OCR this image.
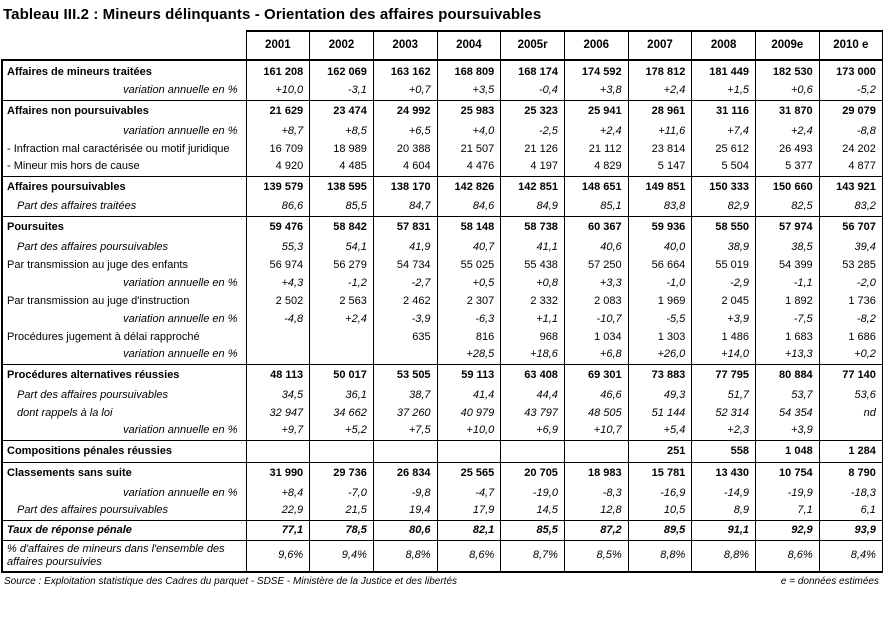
Tableau III.2 : Mineurs délinquants - Orientation des affaires poursuivables
	2001	2002	2003	2004	2005r	2006	2007	2008	2009e	2010 e
Affaires de mineurs traitées	161 208	162 069	163 162	168 809	168 174	174 592	178 812	181 449	182 530	173 000
variation annuelle en %	+10,0	-3,1	+0,7	+3,5	-0,4	+3,8	+2,4	+1,5	+0,6	-5,2
Affaires non poursuivables	21 629	23 474	24 992	25 983	25 323	25 941	28 961	31 116	31 870	29 079
variation annuelle en %	+8,7	+8,5	+6,5	+4,0	-2,5	+2,4	+11,6	+7,4	+2,4	-8,8
- Infraction mal caractérisée ou motif juridique	16 709	18 989	20 388	21 507	21 126	21 112	23 814	25 612	26 493	24 202
- Mineur mis hors de cause	4 920	4 485	4 604	4 476	4 197	4 829	5 147	5 504	5 377	4 877
Affaires poursuivables	139 579	138 595	138 170	142 826	142 851	148 651	149 851	150 333	150 660	143 921
Part des affaires traitées	86,6	85,5	84,7	84,6	84,9	85,1	83,8	82,9	82,5	83,2
Poursuites	59 476	58 842	57 831	58 148	58 738	60 367	59 936	58 550	57 974	56 707
Part des affaires poursuivables	55,3	54,1	41,9	40,7	41,1	40,6	40,0	38,9	38,5	39,4
Par transmission au juge des enfants	56 974	56 279	54 734	55 025	55 438	57 250	56 664	55 019	54 399	53 285
variation annuelle en %	+4,3	-1,2	-2,7	+0,5	+0,8	+3,3	-1,0	-2,9	-1,1	-2,0
Par transmission au juge d'instruction	2 502	2 563	2 462	2 307	2 332	2 083	1 969	2 045	1 892	1 736
variation annuelle en %	-4,8	+2,4	-3,9	-6,3	+1,1	-10,7	-5,5	+3,9	-7,5	-8,2
Procédures jugement à délai rapproché			635	816	968	1 034	1 303	1 486	1 683	1 686
variation annuelle en %				+28,5	+18,6	+6,8	+26,0	+14,0	+13,3	+0,2
Procédures alternatives réussies	48 113	50 017	53 505	59 113	63 408	69 301	73 883	77 795	80 884	77 140
Part des affaires poursuivables	34,5	36,1	38,7	41,4	44,4	46,6	49,3	51,7	53,7	53,6
dont rappels à la loi	32 947	34 662	37 260	40 979	43 797	48 505	51 144	52 314	54 354	nd
variation annuelle en %	+9,7	+5,2	+7,5	+10,0	+6,9	+10,7	+5,4	+2,3	+3,9	
Compositions pénales réussies							251	558	1 048	1 284
Classements sans suite	31 990	29 736	26 834	25 565	20 705	18 983	15 781	13 430	10 754	8 790
variation annuelle en %	+8,4	-7,0	-9,8	-4,7	-19,0	-8,3	-16,9	-14,9	-19,9	-18,3
Part des affaires poursuivables	22,9	21,5	19,4	17,9	14,5	12,8	10,5	8,9	7,1	6,1
Taux de réponse pénale	77,1	78,5	80,6	82,1	85,5	87,2	89,5	91,1	92,9	93,9
% d'affaires de mineurs dans l'ensemble des affaires poursuivies	9,6%	9,4%	8,8%	8,6%	8,7%	8,5%	8,8%	8,8%	8,6%	8,4%
Source : Exploitation statistique des Cadres du parquet - SDSE - Ministère de la Justice et des libertés	e = données estimées
